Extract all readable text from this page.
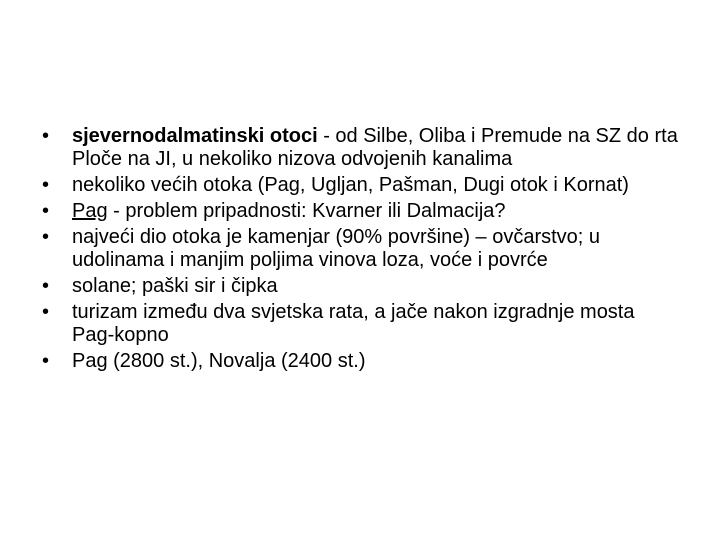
•	sjevernodalmatinski otoci - od Silbe, Oliba i Premude na SZ do rta Ploče na JI, u nekoliko nizova odvojenih kanalima
•	nekoliko većih otoka (Pag, Ugljan, Pašman, Dugi otok i Kornat)
•	Pag - problem pripadnosti: Kvarner ili Dalmacija?
•	najveći dio otoka je kamenjar (90% površine) – ovčarstvo; u udolinama i manjim poljima vinova loza, voće i povrće
•	solane; paški sir i čipka
•	turizam između dva svjetska rata, a jače nakon izgradnje mosta Pag-kopno
•	Pag (2800 st.), Novalja (2400 st.)
